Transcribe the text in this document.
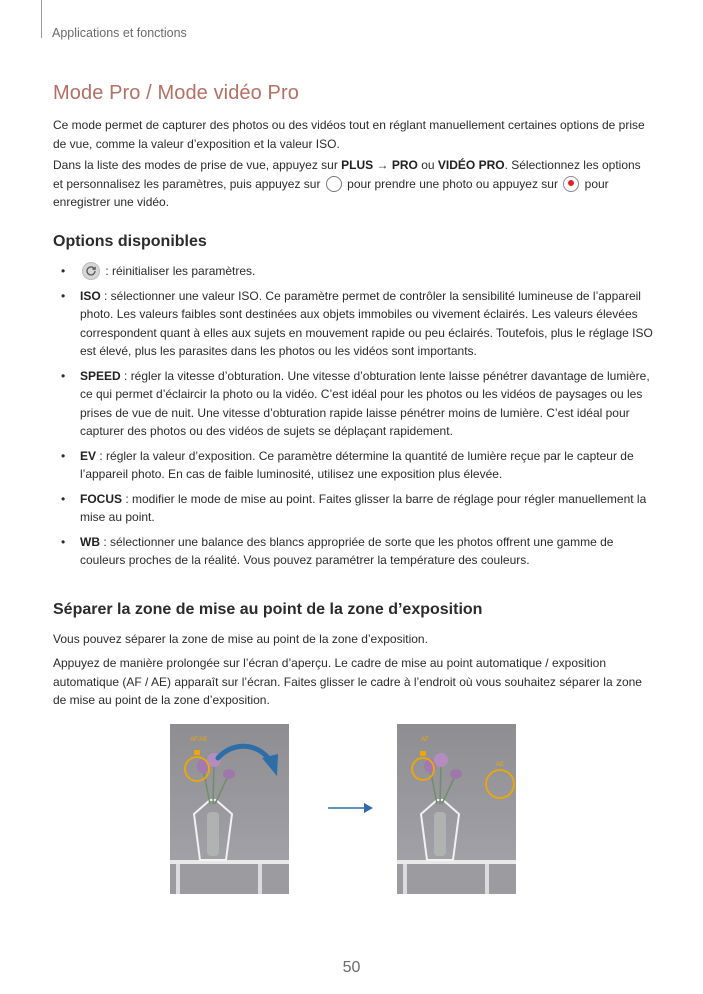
Applications et fonctions
Mode Pro / Mode vidéo Pro

Ce mode permet de capturer des photos ou des vidéos tout en réglant manuellement certaines options de prise de vue, comme la valeur d’exposition et la valeur ISO.

Dans la liste des modes de prise de vue, appuyez sur PLUS → PRO ou VIDÉO PRO. Sélectionnez les options et personnalisez les paramètres, puis appuyez sur  pour prendre une photo ou appuyez sur  pour enregistrer une vidéo.

Options disponibles
•	: réinitialiser les paramètres.
• ISO : sélectionner une valeur ISO. Ce paramètre permet de contrôler la sensibilité lumineuse de l’appareil photo. Les valeurs faibles sont destinées aux objets immobiles ou vivement éclairés. Les valeurs élevées correspondent quant à elles aux sujets en mouvement rapide ou peu éclairés. Toutefois, plus le réglage ISO est élevé, plus les parasites dans les photos ou les vidéos sont importants.
• SPEED : régler la vitesse d’obturation. Une vitesse d’obturation lente laisse pénétrer davantage de lumière, ce qui permet d’éclaircir la photo ou la vidéo. C’est idéal pour les photos ou les vidéos de paysages ou les prises de vue de nuit. Une vitesse d’obturation rapide laisse pénétrer moins de lumière. C’est idéal pour capturer des photos ou des vidéos de sujets se déplaçant rapidement.
• EV : régler la valeur d’exposition. Ce paramètre détermine la quantité de lumière reçue par le capteur de l’appareil photo. En cas de faible luminosité, utilisez une exposition plus élevée.
• FOCUS : modifier le mode de mise au point. Faites glisser la barre de réglage pour régler manuellement la mise au point.
• WB : sélectionner une balance des blancs appropriée de sorte que les photos offrent une gamme de couleurs proches de la réalité. Vous pouvez paramétrer la température des couleurs.
Séparer la zone de mise au point de la zone d’exposition

Vous pouvez séparer la zone de mise au point de la zone d’exposition.

Appuyez de manière prolongée sur l’écran d’aperçu. Le cadre de mise au point automatique / exposition automatique (AF / AE) apparaît sur l’écran. Faites glisser le cadre à l’endroit où vous souhaitez séparer la zone de mise au point de la zone d’exposition.

AF/AE	AF
AE
50
